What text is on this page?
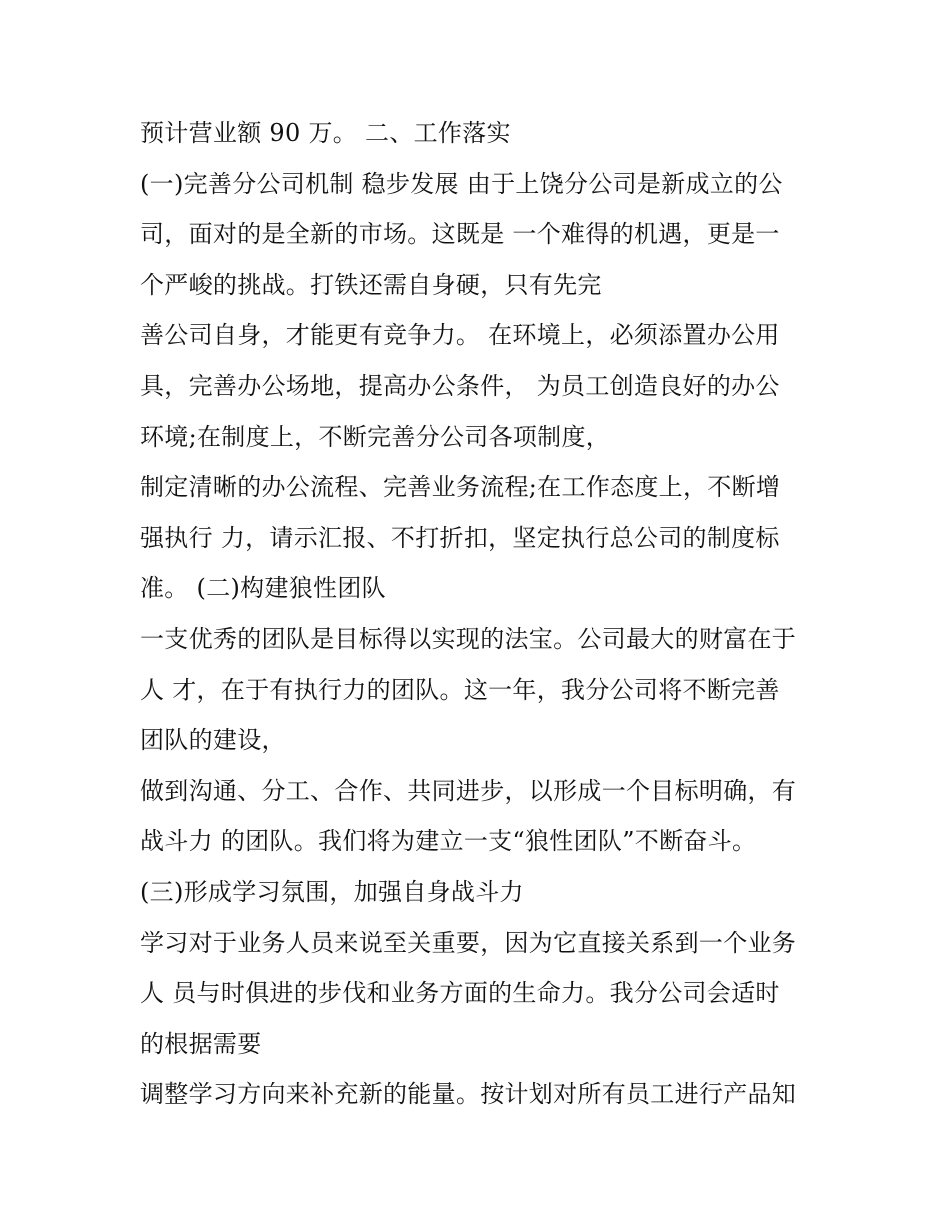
预计营业额 90 万。 二、工作落实
(一)完善分公司机制 稳步发展 由于上饶分公司是新成立的公
司，面对的是全新的市场。这既是 一个难得的机遇，更是一
个严峻的挑战。打铁还需自身硬，只有先完
善公司自身，才能更有竞争力。 在环境上，必须添置办公用
具，完善办公场地，提高办公条件， 为员工创造良好的办公
环境;在制度上，不断完善分公司各项制度，
制定清晰的办公流程、完善业务流程;在工作态度上，不断增
强执行 力，请示汇报、不打折扣，坚定执行总公司的制度标
准。 (二)构建狼性团队
一支优秀的团队是目标得以实现的法宝。公司最大的财富在于
人 才，在于有执行力的团队。这一年，我分公司将不断完善
团队的建设，
做到沟通、分工、合作、共同进步，以形成一个目标明确，有
战斗力 的团队。我们将为建立一支“狼性团队”不断奋斗。
(三)形成学习氛围，加强自身战斗力
学习对于业务人员来说至关重要，因为它直接关系到一个业务
人 员与时俱进的步伐和业务方面的生命力。我分公司会适时
的根据需要
调整学习方向来补充新的能量。按计划对所有员工进行产品知
